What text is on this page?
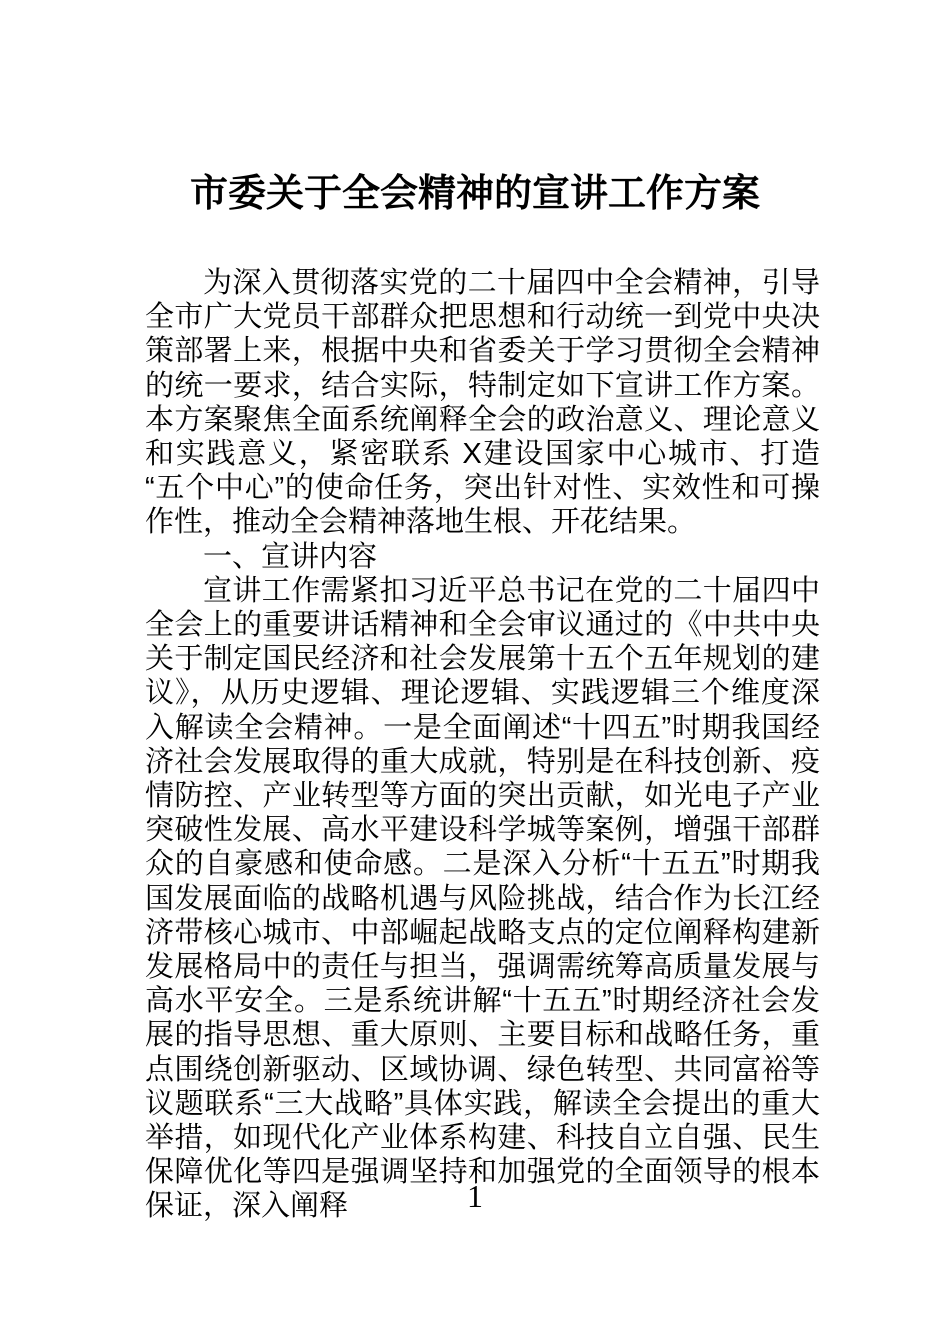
市委关于全会精神的宣讲工作方案

为深入贯彻落实党的二十届四中全会精神，引导全市广大党员干部群众把思想和行动统一到党中央决策部署上来，根据中央和省委关于学习贯彻全会精神的统一要求，结合实际，特制定如下宣讲工作方案。本方案聚焦全面系统阐释全会的政治意义、理论意义和实践意义，紧密联系 X建设国家中心城市、打造“五个中心”的使命任务，突出针对性、实效性和可操作性，推动全会精神落地生根、开花结果。

一、宣讲内容

宣讲工作需紧扣习近平总书记在党的二十届四中全会上的重要讲话精神和全会审议通过的《中共中央关于制定国民经济和社会发展第十五个五年规划的建议》，从历史逻辑、理论逻辑、实践逻辑三个维度深入解读全会精神。一是全面阐述“十四五”时期我国经济社会发展取得的重大成就，特别是在科技创新、疫情防控、产业转型等方面的突出贡献，如光电子产业突破性发展、高水平建设科学城等案例，增强干部群众的自豪感和使命感。二是深入分析“十五五”时期我国发展面临的战略机遇与风险挑战，结合作为长江经济带核心城市、中部崛起战略支点的定位阐释构建新发展格局中的责任与担当，强调需统筹高质量发展与高水平安全。三是系统讲解“十五五”时期经济社会发展的指导思想、重大原则、主要目标和战略任务，重点围绕创新驱动、区域协调、绿色转型、共同富裕等议题联系“三大战略”具体实践，解读全会提出的重大举措，如现代化产业体系构建、科技自立自强、民生保障优化等四是强调坚持和加强党的全面领导的根本保证，深入阐释	1
